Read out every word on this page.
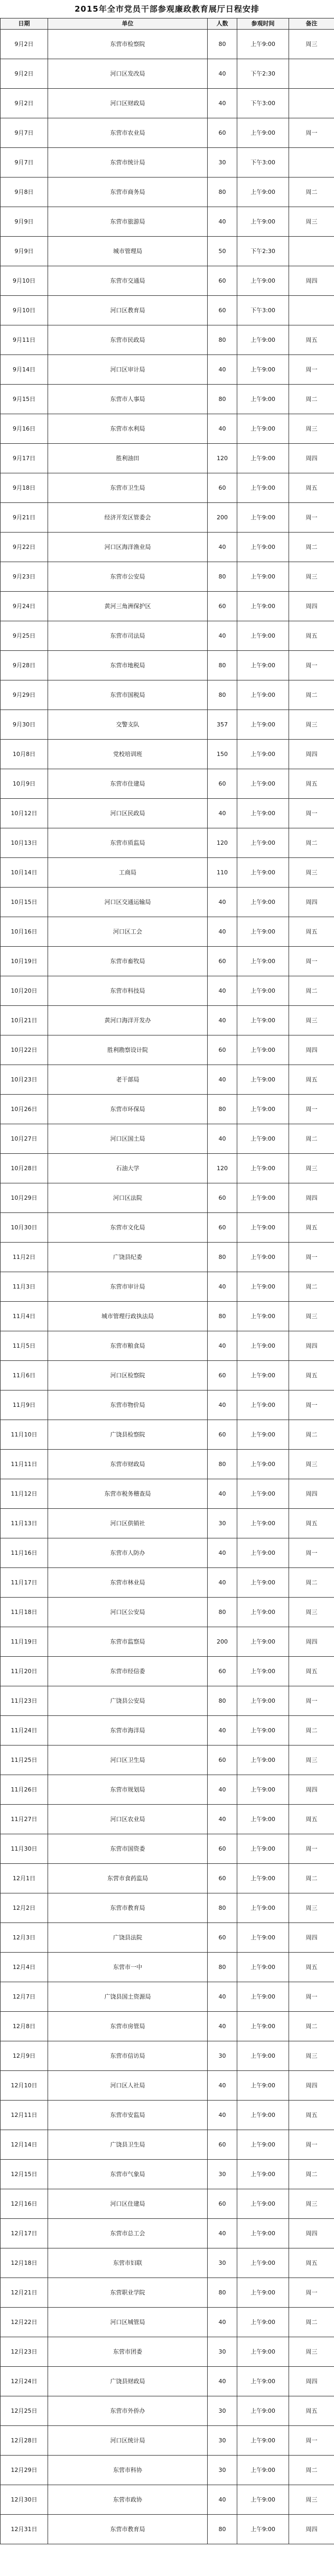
2015年全市党员干部参观廉政教育展厅日程安排
日期	单位	人数	参观时间	备注
9月2日	东营市检察院	80	上午9:00	周三
9月2日	河口区发改局	40	下午2:30	
9月2日	河口区财政局	40	下午3:00	
9月7日	东营市农业局	60	上午9:00	周一
9月7日	东营市统计局	30	下午3:00	
9月8日	东营市商务局	80	上午9:00	周二
9月9日	东营市旅游局	40	上午9:00	周三
9月9日	城市管理局	50	下午2:30	
9月10日	东营市交通局	60	上午9:00	周四
9月10日	河口区教育局	60	下午3:00	
9月11日	东营市民政局	80	上午9:00	周五
9月14日	河口区审计局	40	上午9:00	周一
9月15日	东营市人事局	80	上午9:00	周二
9月16日	东营市水利局	40	上午9:00	周三
9月17日	胜利油田	120	上午9:00	周四
9月18日	东营市卫生局	60	上午9:00	周五
9月21日	经济开发区管委会	200	上午9:00	周一
9月22日	河口区海洋渔业局	40	上午9:00	周二
9月23日	东营市公安局	80	上午9:00	周三
9月24日	黄河三角洲保护区	60	上午9:00	周四
9月25日	东营市司法局	40	上午9:00	周五
9月28日	东营市地税局	80	上午9:00	周一
9月29日	东营市国税局	80	上午9:00	周二
9月30日	交警支队	357	上午9:00	周三
10月8日	党校培训班	150	上午9:00	周四
10月9日	东营市住建局	60	上午9:00	周五
10月12日	河口区民政局	40	上午9:00	周一
10月13日	东营市质监局	120	上午9:00	周二
10月14日	工商局	110	上午9:00	周三
10月15日	河口区交通运输局	40	上午9:00	周四
10月16日	河口区工会	40	上午9:00	周五
10月19日	东营市畜牧局	60	上午9:00	周一
10月20日	东营市科技局	40	上午9:00	周二
10月21日	黄河口海洋开发办	40	上午9:00	周三
10月22日	胜利勘察设计院	60	上午9:00	周四
10月23日	老干部局	40	上午9:00	周五
10月26日	东营市环保局	80	上午9:00	周一
10月27日	河口区国土局	40	上午9:00	周二
10月28日	石油大学	120	上午9:00	周三
10月29日	河口区法院	60	上午9:00	周四
10月30日	东营市文化局	60	上午9:00	周五
11月2日	广饶县纪委	80	上午9:00	周一
11月3日	东营市审计局	40	上午9:00	周二
11月4日	城市管理行政执法局	80	上午9:00	周三
11月5日	东营市粮食局	40	上午9:00	周四
11月6日	河口区检察院	60	上午9:00	周五
11月9日	东营市物价局	40	上午9:00	周一
11月10日	广饶县检察院	60	上午9:00	周二
11月11日	东营市财政局	80	上午9:00	周三
11月12日	东营市税务稽查局	40	上午9:00	周四
11月13日	河口区供销社	30	上午9:00	周五
11月16日	东营市人防办	40	上午9:00	周一
11月17日	东营市林业局	40	上午9:00	周二
11月18日	河口区公安局	80	上午9:00	周三
11月19日	东营市监察局	200	上午9:00	周四
11月20日	东营市经信委	60	上午9:00	周五
11月23日	广饶县公安局	80	上午9:00	周一
11月24日	东营市海洋局	40	上午9:00	周二
11月25日	河口区卫生局	60	上午9:00	周三
11月26日	东营市规划局	40	上午9:00	周四
11月27日	河口区农业局	40	上午9:00	周五
11月30日	东营市国资委	60	上午9:00	周一
12月1日	东营市食药监局	60	上午9:00	周二
12月2日	东营市教育局	80	上午9:00	周三
12月3日	广饶县法院	60	上午9:00	周四
12月4日	东营市一中	80	上午9:00	周五
12月7日	广饶县国土资源局	40	上午9:00	周一
12月8日	东营市房管局	40	上午9:00	周二
12月9日	东营市信访局	30	上午9:00	周三
12月10日	河口区人社局	40	上午9:00	周四
12月11日	东营市安监局	40	上午9:00	周五
12月14日	广饶县卫生局	60	上午9:00	周一
12月15日	东营市气象局	30	上午9:00	周二
12月16日	河口区住建局	60	上午9:00	周三
12月17日	东营市总工会	40	上午9:00	周四
12月18日	东营市妇联	30	上午9:00	周五
12月21日	东营职业学院	80	上午9:00	周一
12月22日	河口区城管局	40	上午9:00	周二
12月23日	东营市团委	30	上午9:00	周三
12月24日	广饶县财政局	40	上午9:00	周四
12月25日	东营市外侨办	30	上午9:00	周五
12月28日	河口区统计局	30	上午9:00	周一
12月29日	东营市科协	30	上午9:00	周二
12月30日	东营市政协	40	上午9:00	周三
12月31日	东营市教育局	80	上午9:00	周四
